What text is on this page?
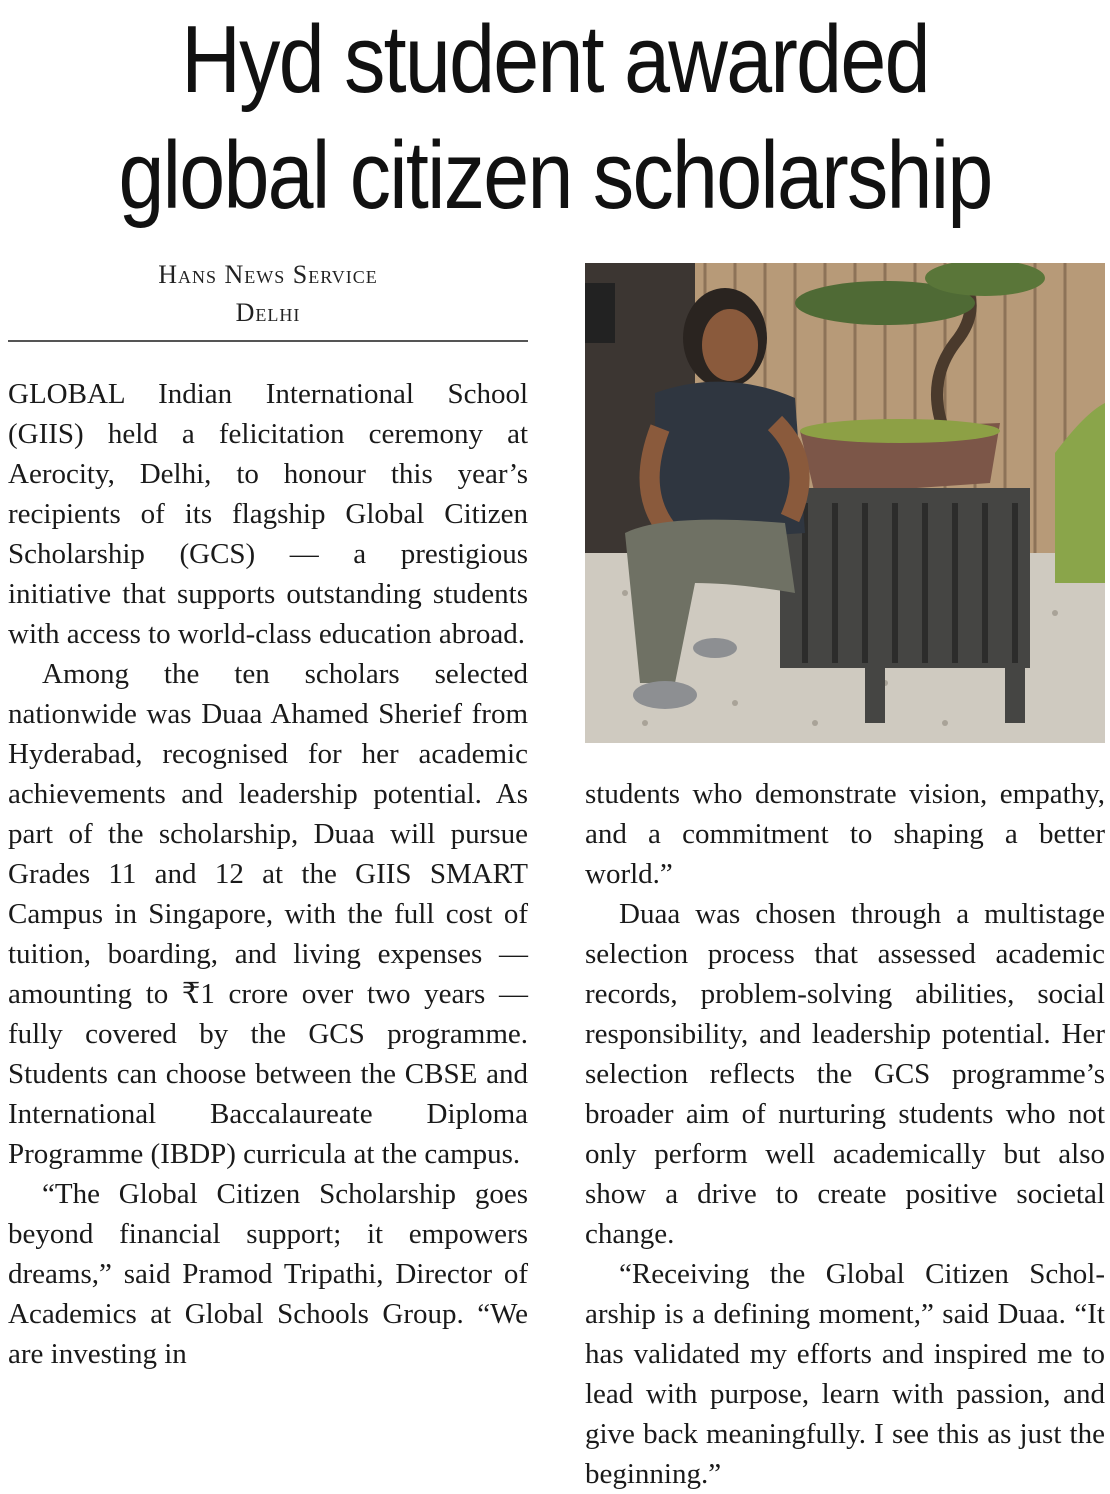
Hyd student awarded
global citizen scholarship
Hans News Service
Delhi

GLOBAL Indian International School (GIIS) held a felicitation ceremony at Aerocity, Delhi, to honour this year’s recipients of its flagship Global Citizen Scholarship (GCS) — a prestigious initiative that supports outstanding students with access to world-class education abroad.

Among the ten scholars selected nationwide was Duaa Ahamed Sherief from Hyderabad, recognised for her academic achievements and leadership potential. As part of the scholarship, Duaa will pursue Grades 11 and 12 at the GIIS SMART Campus in Singapore, with the full cost of tuition, boarding, and living expenses — amounting to ₹1 crore over two years — fully covered by the GCS programme. Students can choose between the CBSE and International Baccalaureate Diploma Programme (IBDP) curricula at the campus.

“The Global Citizen Scholarship goes beyond financial support; it empowers dreams,” said Pramod Tripathi, Director of Academics at Global Schools Group. “We are investing in

students who demonstrate vision, empathy, and a commitment to shaping a better world.”

Duaa was chosen through a multistage selection process that assessed academic records, problem-solving abilities, social responsibility, and leadership potential. Her selection reflects the GCS programme’s broader aim of nurturing students who not only perform well academically but also show a drive to create positive societal change.

“Receiving the Global Citizen Scholarship is a defining moment,” said Duaa. “It has validated my efforts and inspired me to lead with purpose, learn with passion, and give back meaningfully. I see this as just the beginning.”
